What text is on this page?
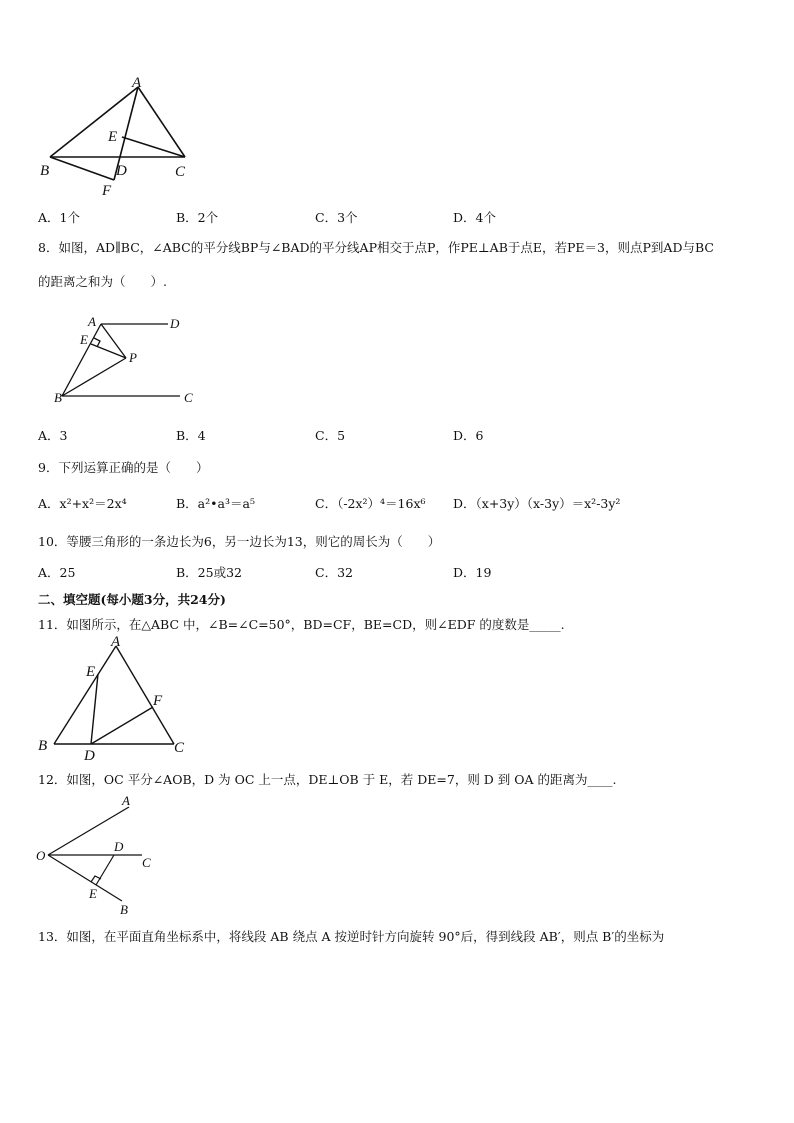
A
E
B	D	C
F
A．1个	B．2个	C．3个	D．4个
8．如图，AD∥BC，∠ABC的平分线BP与∠BAD的平分线AP相交于点P，作PE⊥AB于点E，若PE＝3，则点P到AD与BC
的距离之和为（　　）.
A	D
E
P
B	C
A．3	B．4	C．5	D．6
9．下列运算正确的是（　　）
A．x²+x²＝2x⁴	B．a²•a³＝a⁵	C．（-2x²）⁴＝16x⁶ D．（x+3y）（x-3y）＝x²-3y²
10．等腰三角形的一条边长为6，另一边长为13，则它的周长为（　　）
A．25	B．25或32	C．32	D．19
二、填空题(每小题3分，共24分)
11．如图所示，在△ABC 中，∠B=∠C=50°，BD=CF，BE=CD，则∠EDF 的度数是_____.
A
E
F
B
D	C
12．如图，OC 平分∠AOB，D 为 OC 上一点，DE⊥OB 于 E，若 DE=7，则 D 到 OA 的距离为____.
A
O
D
C
E
B
13．如图，在平面直角坐标系中，将线段 AB 绕点 A 按逆时针方向旋转 90°后，得到线段 AB′，则点 B′的坐标为
